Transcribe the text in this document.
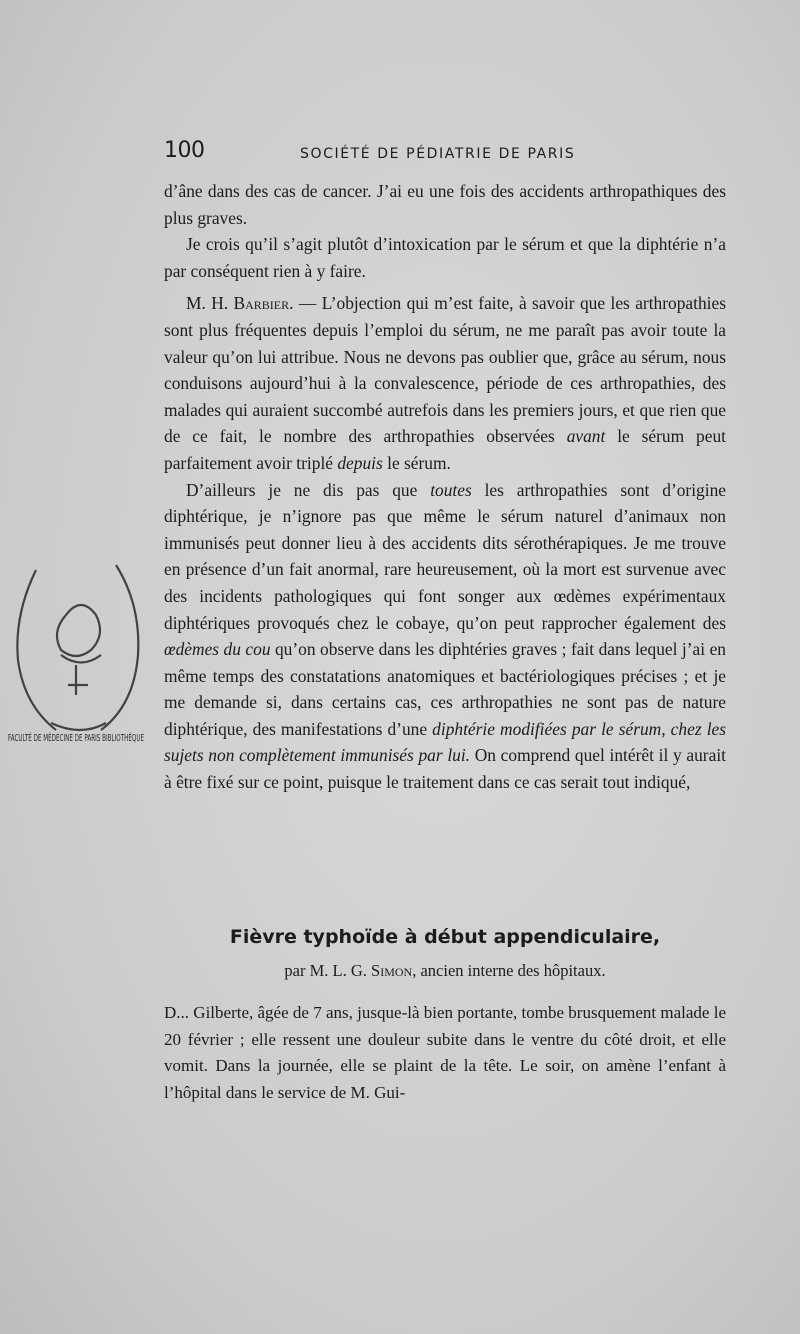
100	SOCIÉTÉ DE PÉDIATRIE DE PARIS

d’âne dans des cas de cancer. J’ai eu une fois des accidents arthropathiques des plus graves.

Je crois qu’il s’agit plutôt d’intoxication par le sérum et que la diphtérie n’a par conséquent rien à y faire.

M. H. Barbier. — L’objection qui m’est faite, à savoir que les arthropathies sont plus fréquentes depuis l’emploi du sérum, ne me paraît pas avoir toute la valeur qu’on lui attribue. Nous ne devons pas oublier que, grâce au sérum, nous conduisons aujourd’hui à la convalescence, période de ces arthropathies, des malades qui auraient succombé autrefois dans les premiers jours, et que rien que de ce fait, le nombre des arthropathies observées avant le sérum peut parfaitement avoir triplé depuis le sérum.

D’ailleurs je ne dis pas que toutes les arthropathies sont d’origine diphtérique, je n’ignore pas que même le sérum naturel d’animaux non immunisés peut donner lieu à des accidents dits sérothérapiques. Je me trouve en présence d’un fait anormal, rare heureusement, où la mort est survenue avec des incidents pathologiques qui font songer aux œdèmes expérimentaux diphtériques provoqués chez le cobaye, qu’on peut rapprocher également des œdèmes du cou qu’on observe dans les diphtéries graves ; fait dans lequel j’ai en même temps des constatations anatomiques et bactériologiques précises ; et je me demande si, dans certains cas, ces arthropathies ne sont pas de nature diphtérique, des manifestations d’une diphtérie modifiées par le sérum, chez les sujets non complètement immunisés par lui. On comprend quel intérêt il y aurait à être fixé sur ce point, puisque le traitement dans ce cas serait tout indiqué,

Fièvre typhoïde à début appendiculaire,
par M. L. G. Simon, ancien interne des hôpitaux.

D... Gilberte, âgée de 7 ans, jusque-là bien portante, tombe brusquement malade le 20 février ; elle ressent une douleur subite dans le ventre du côté droit, et elle vomit. Dans la journée, elle se plaint de la tête. Le soir, on amène l’enfant à l’hôpital dans le service de M. Gui-

FACULTÉ DE MÉDECINE DE PARIS BIBLIOTHÈQUE
